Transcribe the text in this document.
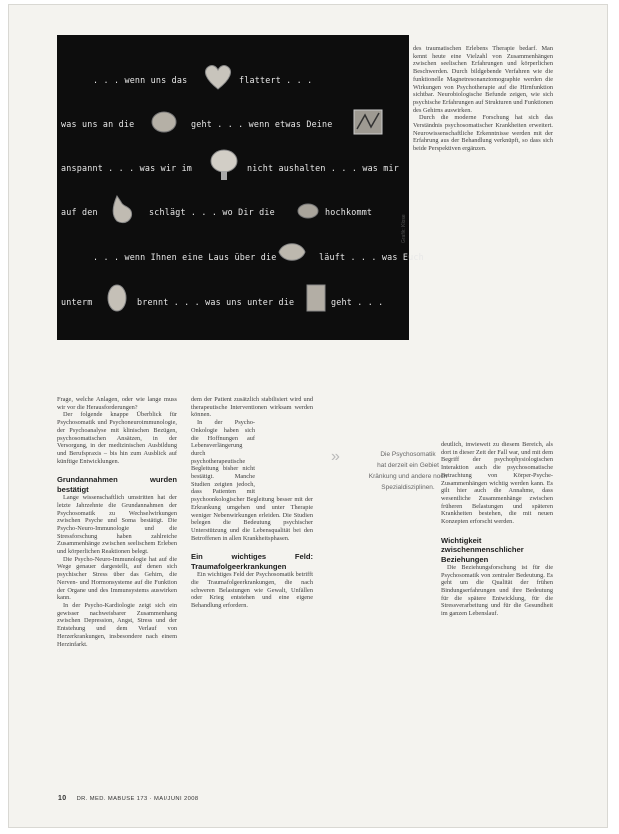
. . . wenn uns das	flattert . . .
was uns an die	geht . . . wenn etwas Deine
anspannt . . . was wir im	nicht aushalten . . . was mir
auf den	schlägt . . . wo Dir die	hochkommt
. . . wenn Ihnen eine Laus über die	läuft . . . was Euch
unterm	brennt . . . was uns unter die	geht . . .
Grafik: Klose

Frage, welche Anlagen, oder wie lange muss wir vor die Herausforderungen?

Der folgende knappe Überblick für Psychosomatik und Psychoneuroimmunologie, der Psychoanalyse mit klinischen Bezügen, psychosomatischen Ansätzen, in der Versorgung, in der medizinischen Ausbildung und Berufspraxis – bis hin zum Ausblick auf künftige Entwicklungen.

Grundannahmen wurden bestätigt

Lange wissenschaftlich umstritten hat der letzte Jahrzehnte die Grundannahmen der Psychosomatik zu Wechselwirkungen zwischen Psyche und Soma bestätigt. Die Psycho-Neuro-Immunologie und die Stressforschung haben zahlreiche Zusammenhänge zwischen seelischem Erleben und körperlichen Reaktionen belegt.

Die Psycho-Neuro-Immunologie hat auf die Wege genauer dargestellt, auf denen sich psychischer Stress über das Gehirn, die Nerven- und Hormonsysteme auf die Funktion der Organe und des Immunsystems auswirken kann.

In der Psycho-Kardiologie zeigt sich ein gewisser nachweisbarer Zusammenhang zwischen Depression, Angst, Stress und der Entstehung und dem Verlauf von Herzerkrankungen, insbesondere nach einem Herzinfarkt.

dem der Patient zusätzlich stabilisiert wird und therapeutische Interventionen wirksam werden können.

In der Psycho-Onkologie haben sich die Hoffnungen auf Lebensverlängerung durch psychotherapeutische Begleitung bisher nicht bestätigt. Manche Studien zeigten jedoch, dass Patienten mit psychoonkologischer Begleitung besser mit der Erkrankung umgehen und unter Therapie weniger Nebenwirkungen erleiden. Die Studien belegen die Bedeutung psychischer Unterstützung und die Lebensqualität bei den Betroffenen in allen Krankheitsphasen.

Ein wichtiges Feld: Traumafolgeerkrankungen

Ein wichtiges Feld der Psychosomatik betrifft die Traumafolgeerkrankungen, die nach schweren Belastungen wie Gewalt, Unfällen oder Krieg entstehen und eine eigene Behandlung erfordern.

des traumatischen Erlebens Therapie bedarf. Man kennt heute eine Vielzahl von Zusammenhängen zwischen seelischen Erfahrungen und körperlichen Beschwerden. Durch bildgebende Verfahren wie die funktionelle Magnetresonanztomographie werden die Wirkungen von Psychotherapie auf die Hirnfunktion sichtbar. Neurobiologische Befunde zeigen, wie sich psychische Erfahrungen auf Strukturen und Funktionen des Gehirns auswirken.

Durch die moderne Forschung hat sich das Verständnis psychosomatischer Krankheiten erweitert. Neurowissenschaftliche Erkenntnisse werden mit der Erfahrung aus der Behandlung verknüpft, so dass sich beide Perspektiven ergänzen.

»	Die Psychosomatik
hat derzeit ein Gebiet
Kränkung und andere noch
Spezialdisziplinen.

deutlich, inwieweit zu diesem Bereich, als dort in dieser Zeit der Fall war, und mit dem Begriff der psychophysiologischen Interaktion auch die psychosomatische Betrachtung von Körper-Psyche-Zusammenhängen wichtig werden kann. Es gilt hier auch die Annahme, dass wesentliche Zusammenhänge zwischen früheren Belastungen und späteren Krankheiten bestehen, die mit neuen Konzepten erforscht werden.

Wichtigkeit zwischenmenschlicher Beziehungen

Die Beziehungsforschung ist für die Psychosomatik von zentraler Bedeutung. Es geht um die Qualität der frühen Bindungserfahrungen und ihre Bedeutung für die spätere Entwicklung, für die Stressverarbeitung und für die Gesundheit im ganzen Lebenslauf.

10 DR. MED. MABUSE 173 · MAI/JUNI 2008
